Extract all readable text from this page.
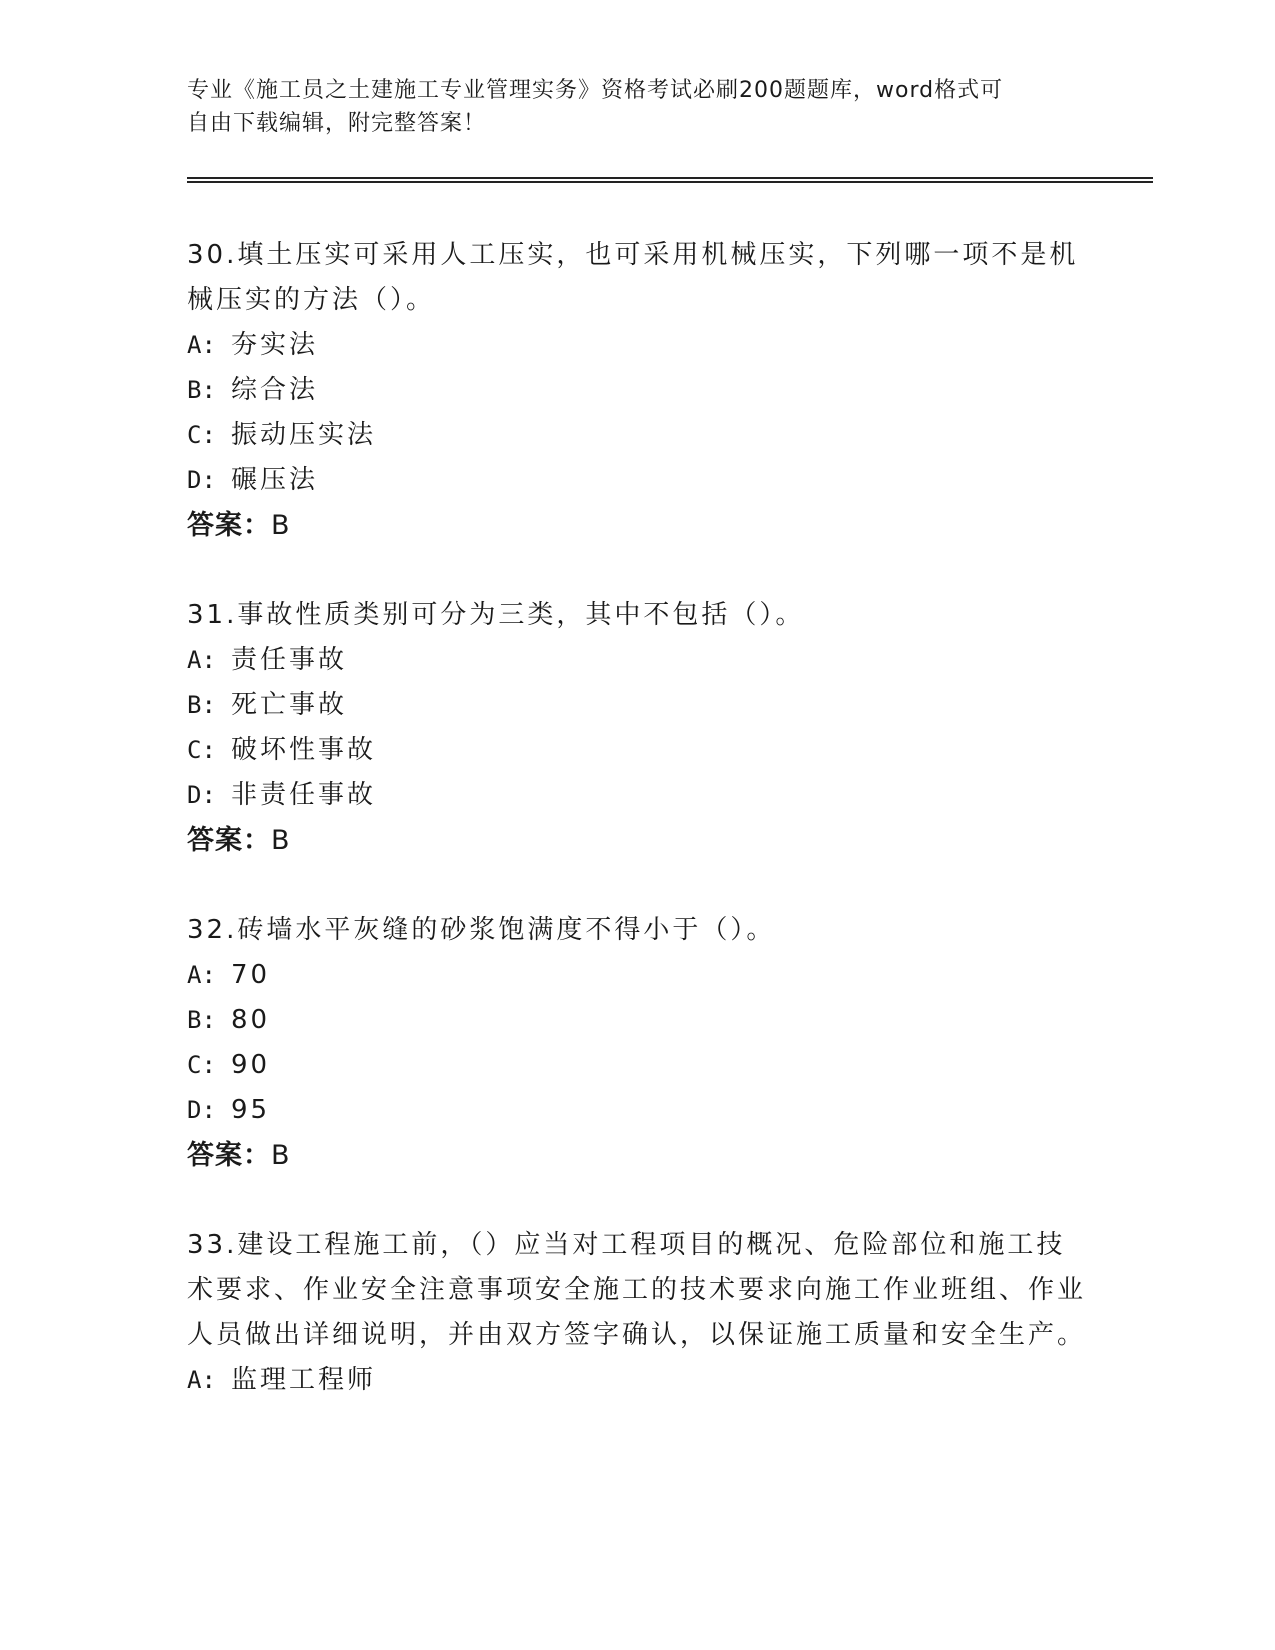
专业《施工员之土建施工专业管理实务》资格考试必刷200题题库，word格式可
自由下载编辑，附完整答案！

30.填土压实可采用人工压实，也可采用机械压实，下列哪一项不是机械压实的方法（）。

A: 夯实法

B: 综合法

C: 振动压实法

D: 碾压法

答案：B

31.事故性质类别可分为三类，其中不包括（）。

A: 责任事故

B: 死亡事故

C: 破坏性事故

D: 非责任事故

答案：B

32.砖墙水平灰缝的砂浆饱满度不得小于（）。

A: 70

B: 80

C: 90

D: 95

答案：B

33.建设工程施工前，（）应当对工程项目的概况、危险部位和施工技术要求、作业安全注意事项安全施工的技术要求向施工作业班组、作业人员做出详细说明，并由双方签字确认，以保证施工质量和安全生产。

A: 监理工程师
